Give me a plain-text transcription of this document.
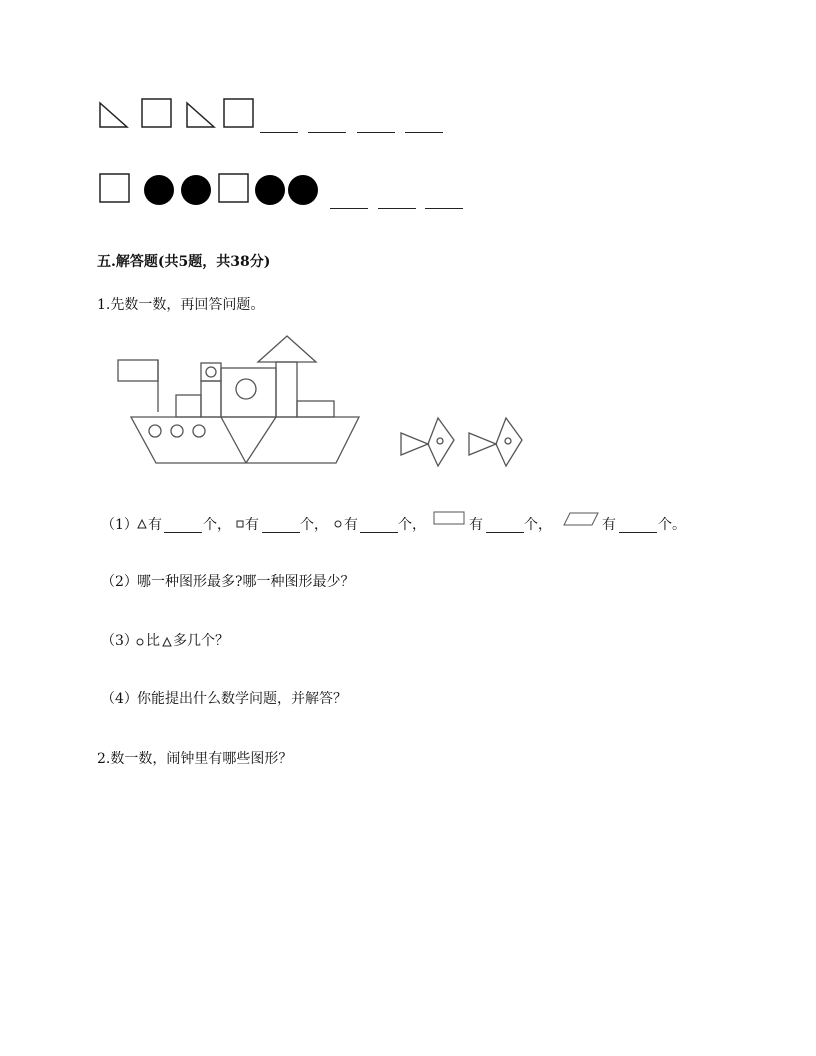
五.解答题(共5题，共38分)
1.先数一数，再回答问题。
（1） 有	个， 有	个， 有	个，	有	个，	有	个。
（2） 哪一种图形最多?哪一种图形最少？
（3） 比 多几个？
（4） 你能提出什么数学问题，并解答？
2.数一数，闹钟里有哪些图形？
